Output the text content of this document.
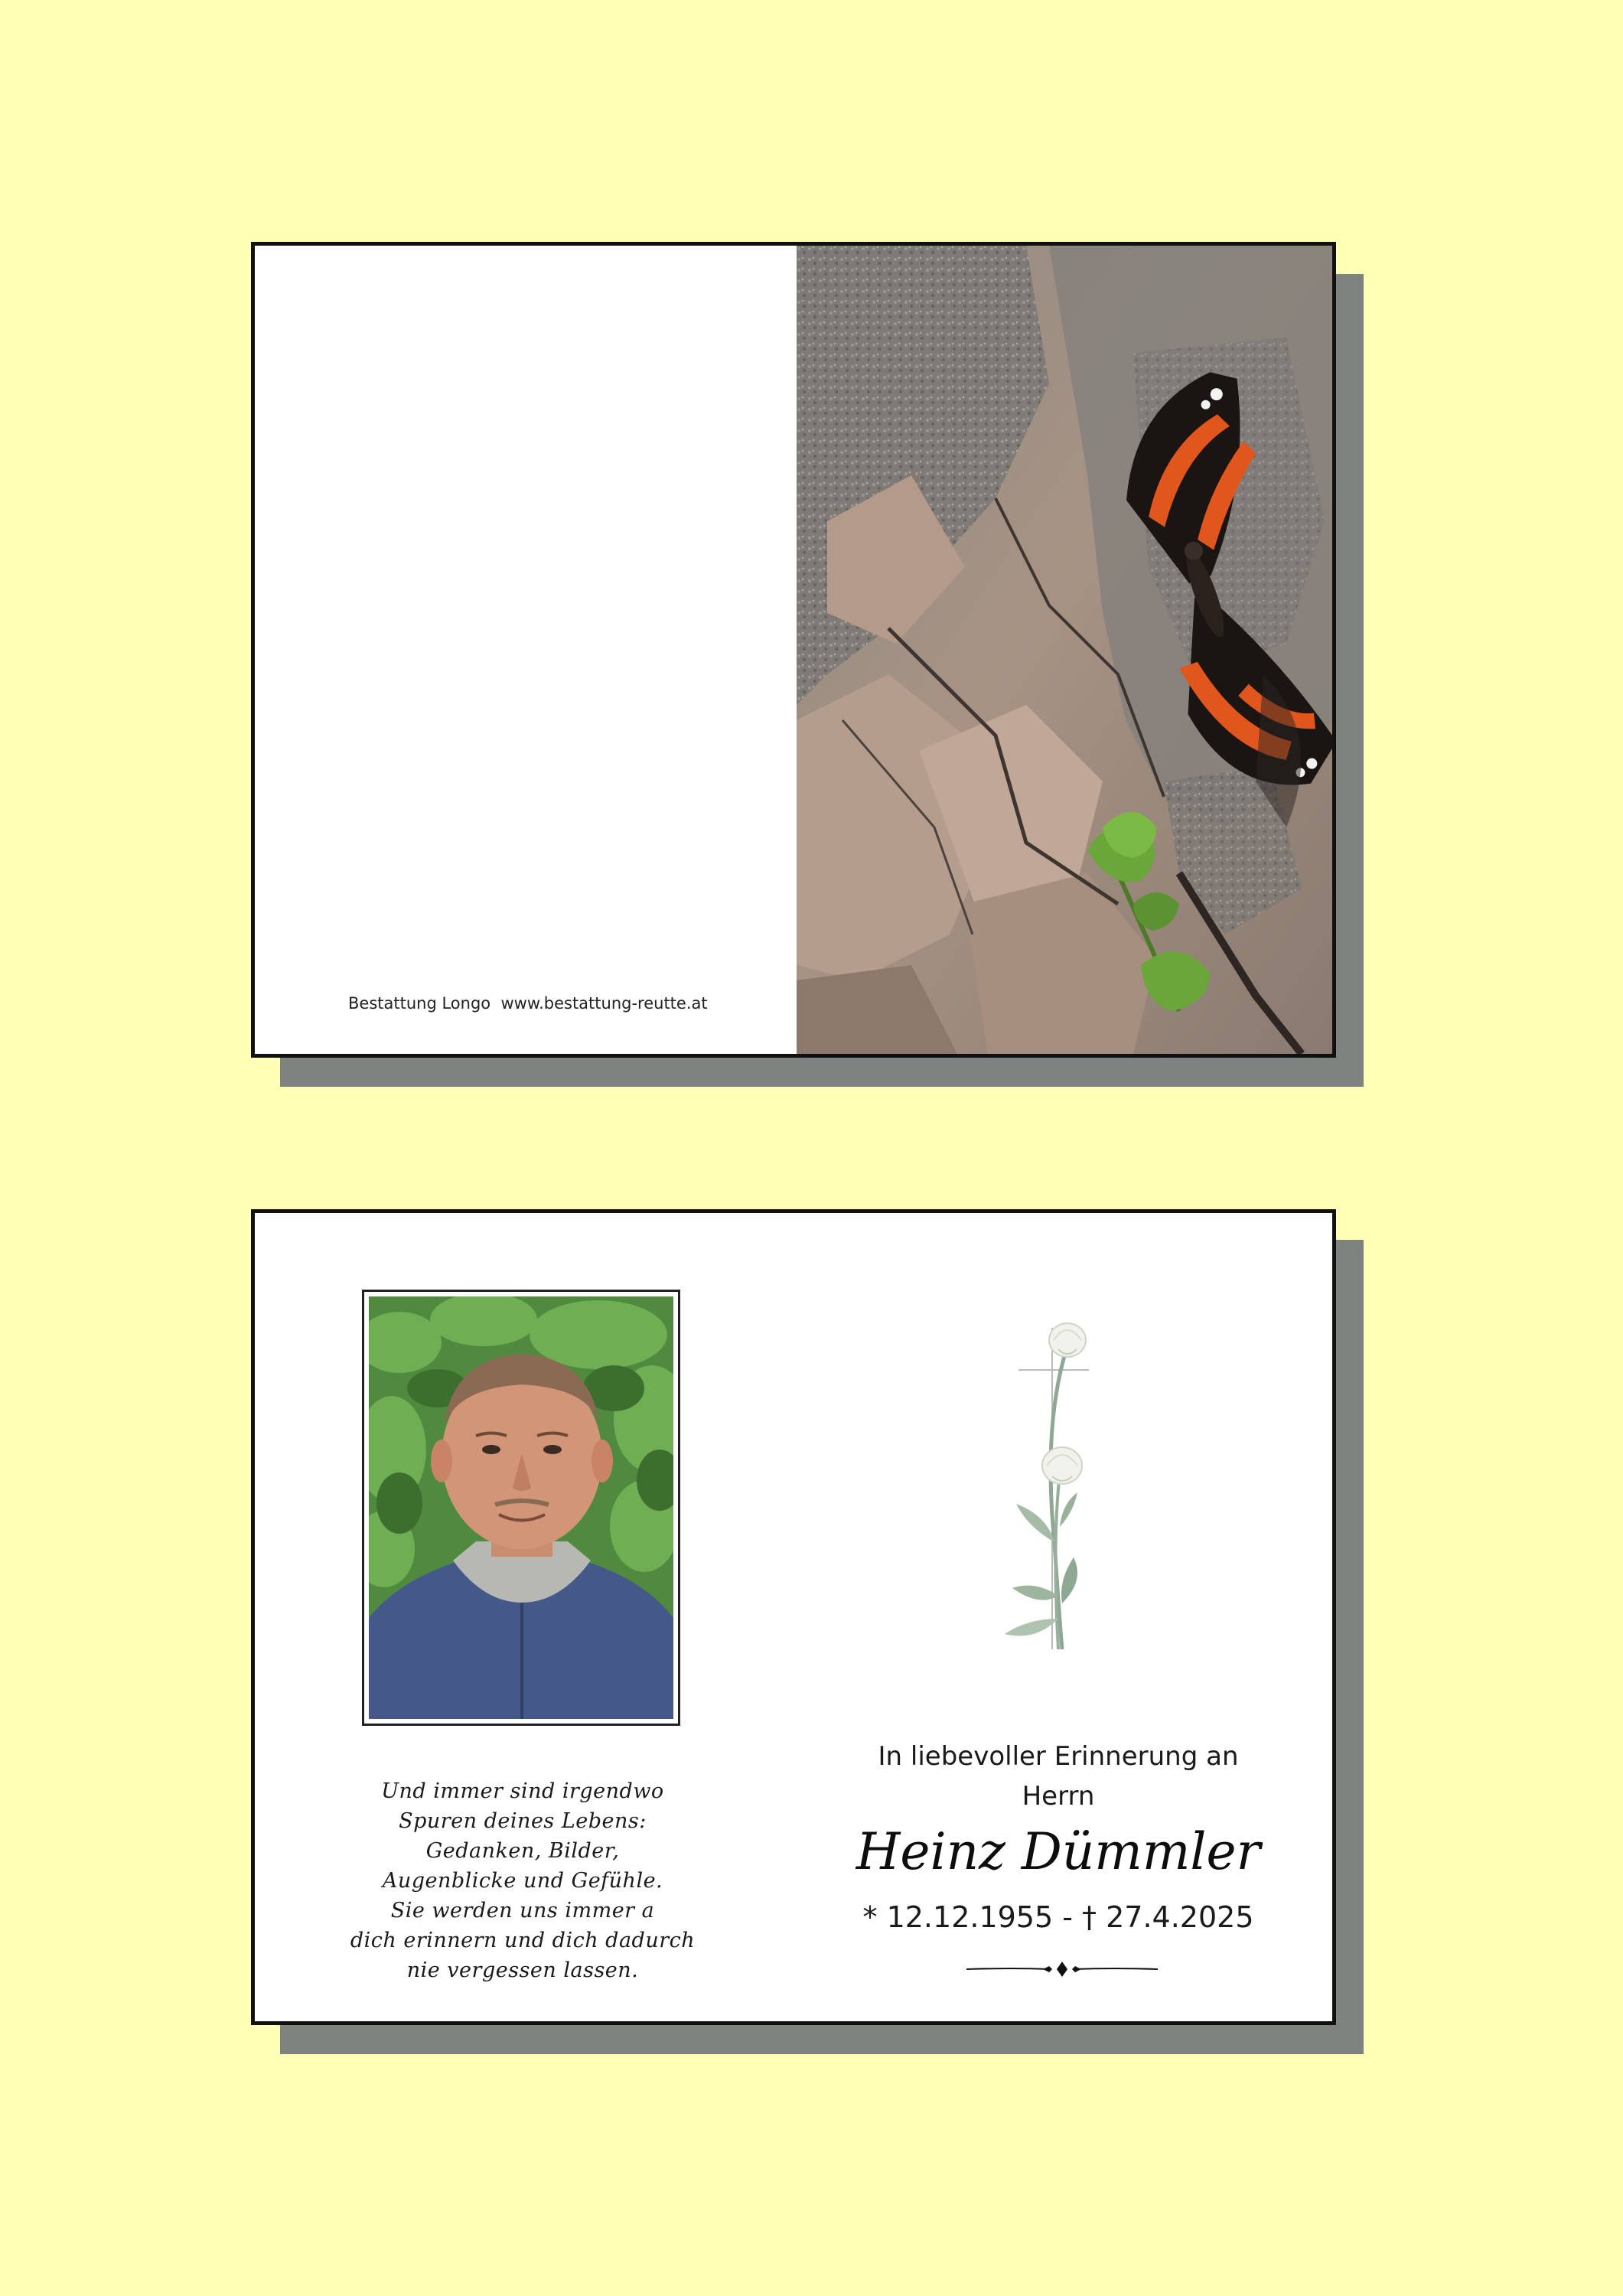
Bestattung Longo  www.bestattung-reutte.at
Und immer sind irgendwo
Spuren deines Lebens:
Gedanken, Bilder,
Augenblicke und Gefühle.
Sie werden uns immer a
dich erinnern und dich dadurch
nie vergessen lassen.
In liebevoller Erinnerung an
Herrn
Heinz Dümmler
* 12.12.1955 - † 27.4.2025
